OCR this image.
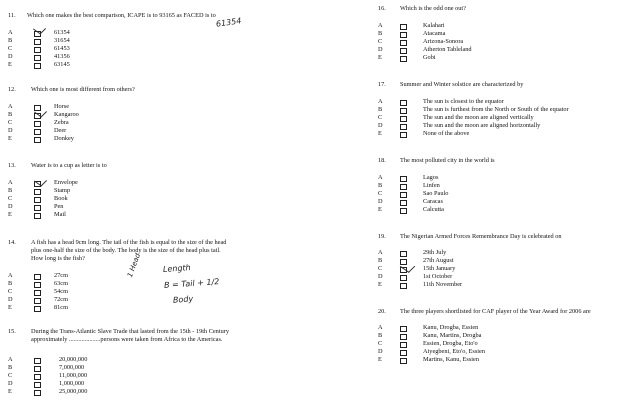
11. Which one makes the best comparison, ICAPE is to 93165 as FACED is to
A	61354
B	31654
C	61453
D	41356
E	63145
61354
12. Which one is most different from others?
A	Horse
B	Kangaroo
C	Zebra
D	Deer
E	Donkey
13. Water is to a cup as letter is to
A	Envelope
B	Stamp
C	Book
D	Pen
E	Mail
14. A fish has a head 9cm long. The tail of the fish is equal to the size of the head
plus one-half the size of the body. The body is the size of the head plus tail.
How long is the fish?
A	27cm
B	63cm
C	54cm
D	72cm
E	81cm
1 Head	Length
B = Tail + 1/2
Body
15. During the Trans-Atlantic Slave Trade that lasted from the 15th - 19th Century
approximately ....................persons were taken from Africa to the Americas.
A	20,000,000
B	7,000,000
C	11,000,000
D	1,000,000
E	25,000,000
16. Which is the odd one out?
A	Kalahari
B	Atacama
C	Arizona-Sonora
D	Atherton Tableland
E	Gobi
17. Summer and Winter solstice are characterized by
A	The sun is closest to the equator
B	The sun is furthest from the North or South of the equator
C	The sun and the moon are aligned vertically
D	The sun and the moon are aligned horizontally
E	None of the above
18. The most polluted city in the world is
A	Lagos
B	Linfen
C	Sao Paulo
D	Caracas
E	Calcutta
19. The Nigerian Armed Forces Remembrance Day is celebrated on
A	29th July
B	27th August
C	15th January
D	1st October
E	11th November
20. The three players shortlisted for CAF player of the Year Award for 2006 are
A	Kanu, Drogba, Essien
B	Kanu, Martins, Drogba
C	Essien, Drogba, Eto'o
D	Aiyegbeni, Eto'o, Essien
E	Martins, Kanu, Essien
